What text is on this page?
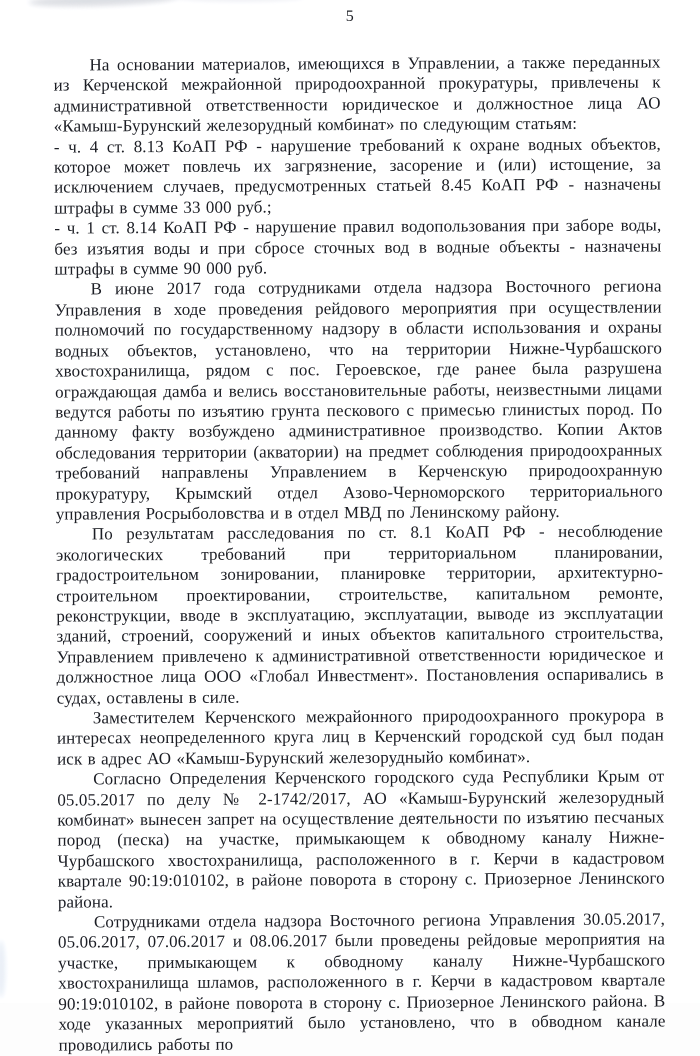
5

На основании материалов, имеющихся в Управлении, а также переданных из Керченской межрайонной природоохранной прокуратуры, привлечены к административной ответственности юридическое и должностное лица АО «Камыш-Бурунский железорудный комбинат» по следующим статьям:

- ч. 4 ст. 8.13 КоАП РФ - нарушение требований к охране водных объектов, которое может повлечь их загрязнение, засорение и (или) истощение, за исключением случаев, предусмотренных статьей 8.45 КоАП РФ - назначены штрафы в сумме 33 000 руб.;

- ч. 1 ст. 8.14 КоАП РФ - нарушение правил водопользования при заборе воды, без изъятия воды и при сбросе сточных вод в водные объекты - назначены штрафы в сумме 90 000 руб.

В июне 2017 года сотрудниками отдела надзора Восточного региона Управления в ходе проведения рейдового мероприятия при осуществлении полномочий по государственному надзору в области использования и охраны водных объектов, установлено, что на территории Нижне-Чурбашского хвостохранилища, рядом с пос. Героевское, где ранее была разрушена ограждающая дамба и велись восстановительные работы, неизвестными лицами ведутся работы по изъятию грунта пескового с примесью глинистых пород. По данному факту возбуждено административное производство. Копии Актов обследования территории (акватории) на предмет соблюдения природоохранных требований направлены Управлением в Керченскую природоохранную прокуратуру, Крымский отдел Азово-Черноморского территориального управления Росрыболовства и в отдел МВД по Ленинскому району.

По результатам расследования по ст. 8.1 КоАП РФ - несоблюдение экологических требований при территориальном планировании, градостроительном зонировании, планировке территории, архитектурно-строительном проектировании, строительстве, капитальном ремонте, реконструкции, вводе в эксплуатацию, эксплуатации, выводе из эксплуатации зданий, строений, сооружений и иных объектов капитального строительства, Управлением привлечено к административной ответственности юридическое и должностное лица ООО «Глобал Инвестмент». Постановления оспаривались в судах, оставлены в силе.

Заместителем Керченского межрайонного природоохранного прокурора в интересах неопределенного круга лиц в Керченский городской суд был подан иск в адрес АО «Камыш-Бурунский железорудныйо комбинат».

Согласно Определения Керченского городского суда Республики Крым от 05.05.2017 по делу № 2-1742/2017, АО «Камыш-Бурунский железорудный комбинат» вынесен запрет на осуществление деятельности по изъятию песчаных пород (песка) на участке, примыкающем к обводному каналу Нижне-Чурбашского хвостохранилища, расположенного в г. Керчи в кадастровом квартале 90:19:010102, в районе поворота в сторону с. Приозерное Ленинского района.

Сотрудниками отдела надзора Восточного региона Управления 30.05.2017, 05.06.2017, 07.06.2017 и 08.06.2017 были проведены рейдовые мероприятия на участке, примыкающем к обводному каналу Нижне-Чурбашского хвостохранилища шламов, расположенного в г. Керчи в кадастровом квартале 90:19:010102, в районе поворота в сторону с. Приозерное Ленинского района. В ходе указанных мероприятий было установлено, что в обводном канале проводились работы по
